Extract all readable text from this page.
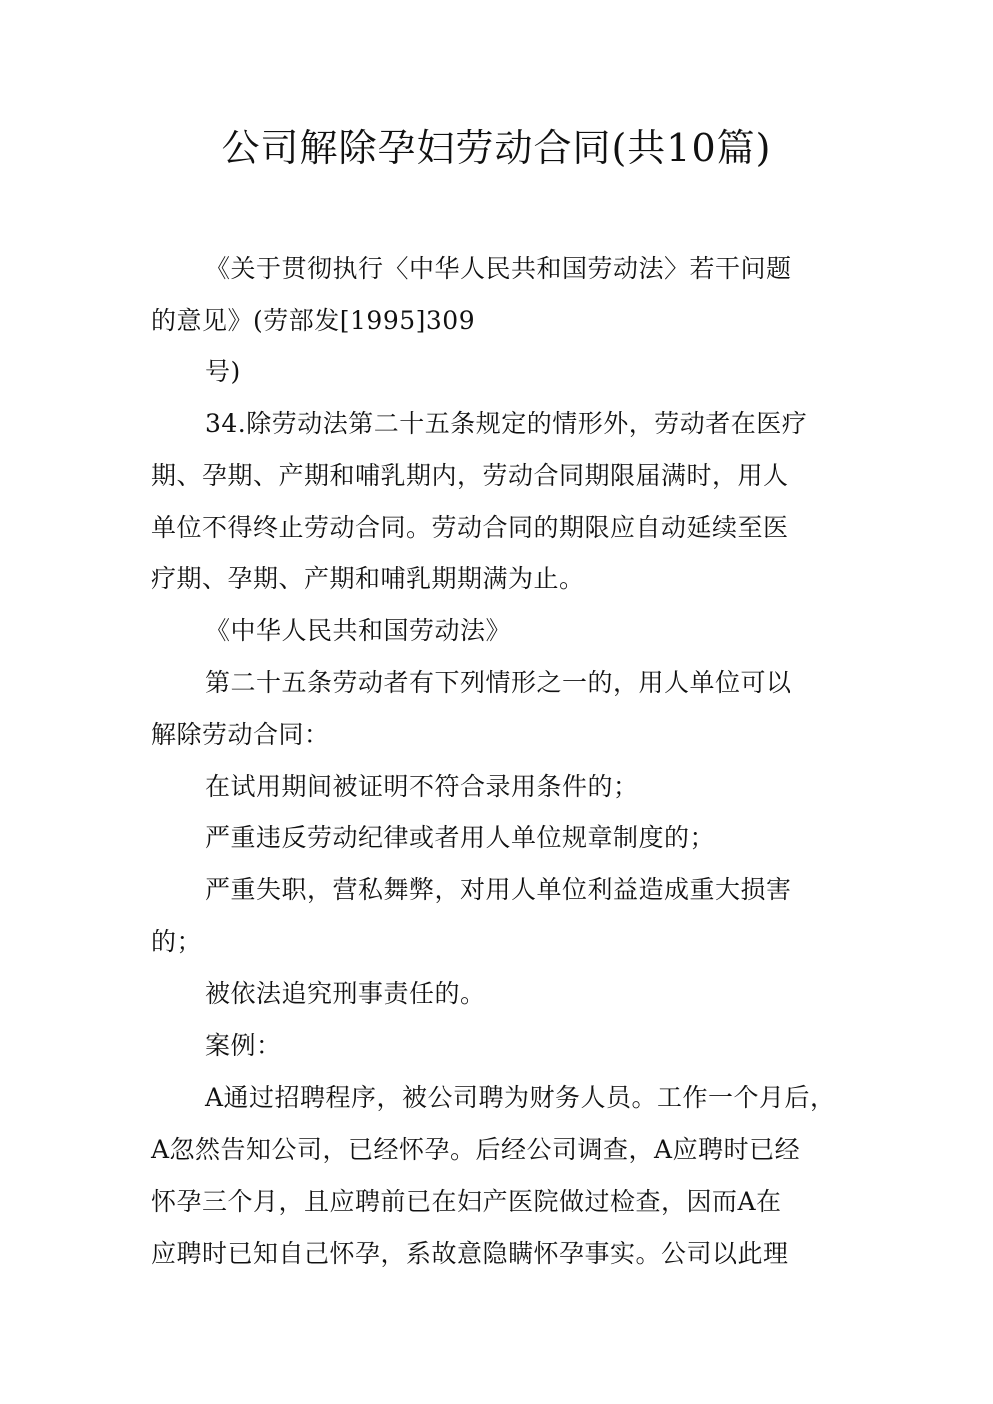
公司解除孕妇劳动合同(共10篇)
《关于贯彻执行〈中华人民共和国劳动法〉若干问题
的意见》(劳部发[1995]309
号)
34.除劳动法第二十五条规定的情形外，劳动者在医疗
期、孕期、产期和哺乳期内，劳动合同期限届满时，用人
单位不得终止劳动合同。劳动合同的期限应自动延续至医
疗期、孕期、产期和哺乳期期满为止。
《中华人民共和国劳动法》
第二十五条劳动者有下列情形之一的，用人单位可以
解除劳动合同：
在试用期间被证明不符合录用条件的；
严重违反劳动纪律或者用人单位规章制度的；
严重失职，营私舞弊，对用人单位利益造成重大损害
的；
被依法追究刑事责任的。
案例：
A通过招聘程序，被公司聘为财务人员。工作一个月后，
A忽然告知公司，已经怀孕。后经公司调查，A应聘时已经
怀孕三个月，且应聘前已在妇产医院做过检查，因而A在
应聘时已知自己怀孕，系故意隐瞒怀孕事实。公司以此理
